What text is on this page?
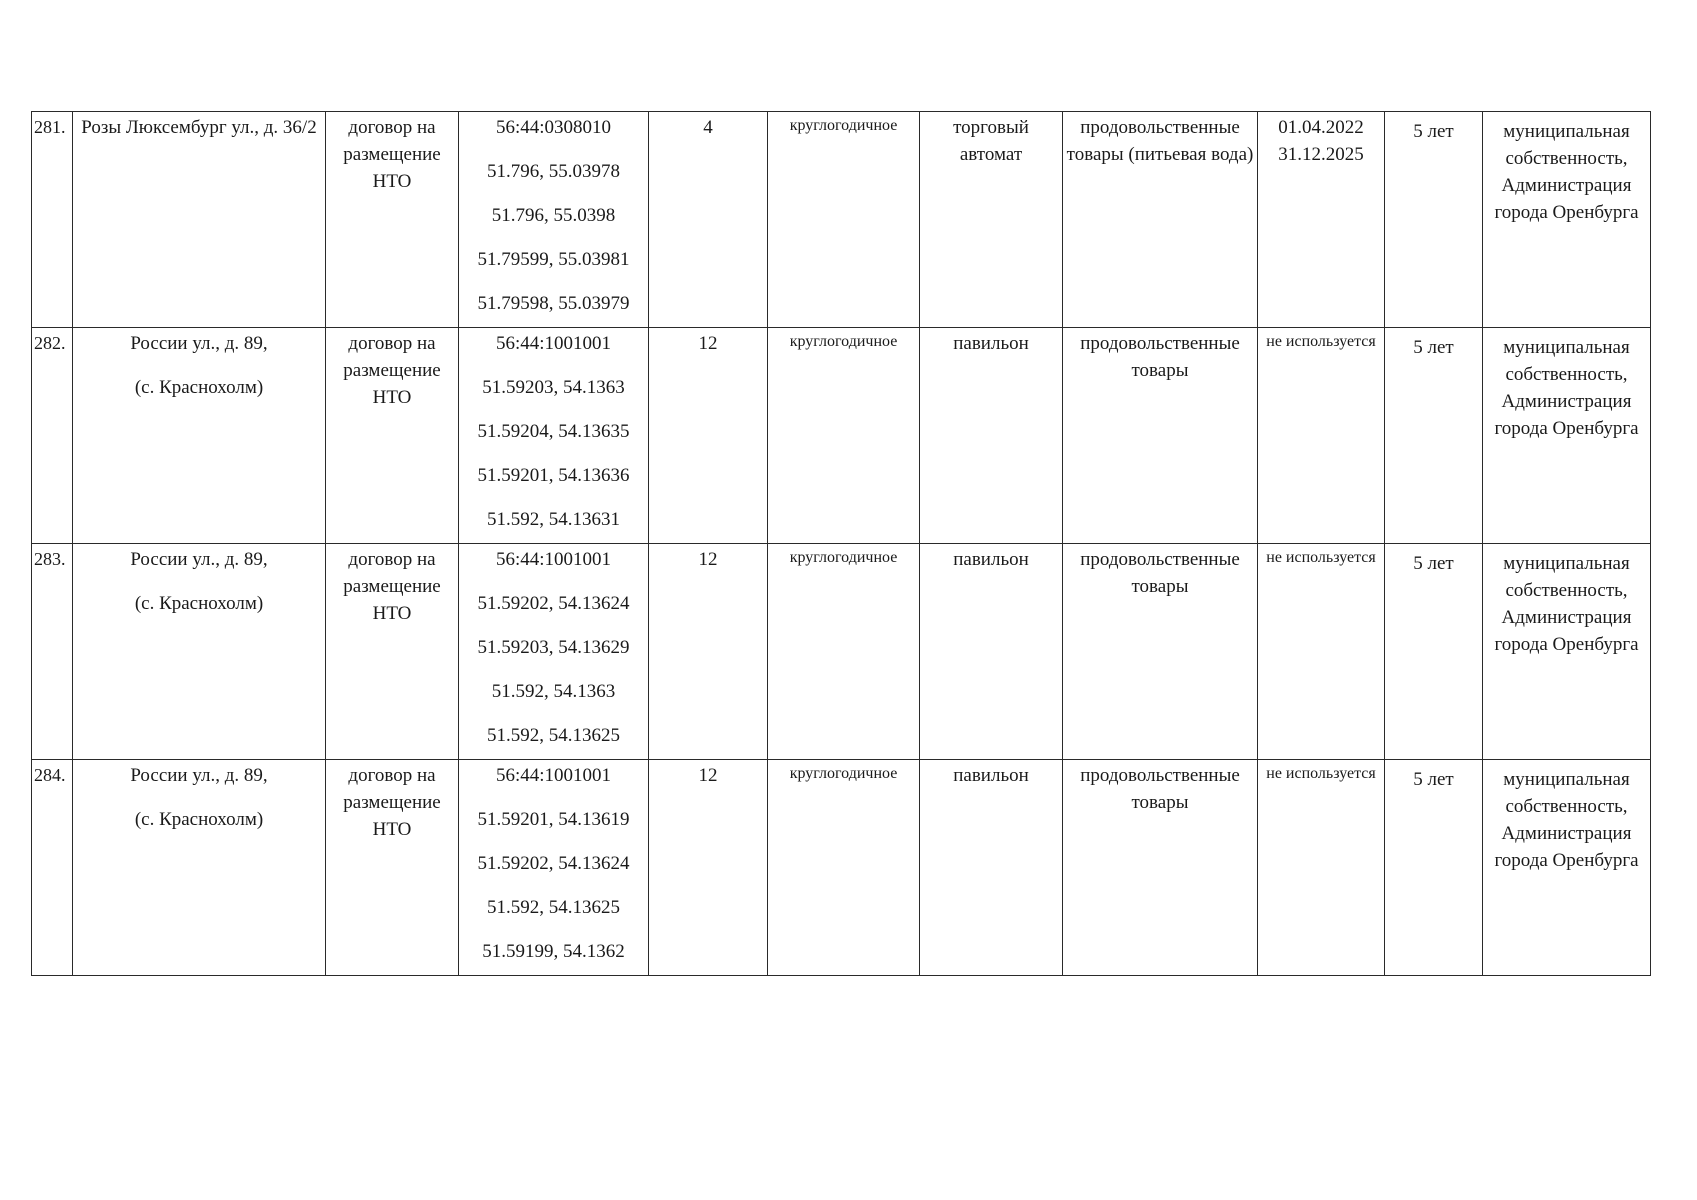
281.	Розы Люксембург ул., д. 36/2	договор на размещение НТО	56:44:0308010
51.796, 55.03978
51.796, 55.0398
51.79599, 55.03981
51.79598, 55.03979	4	круглогодичное	торговый автомат	продовольственные товары (питьевая вода)	01.04.2022
31.12.2025	5 лет	муниципальная собственность, Администрация города Оренбурга

282.	России ул., д. 89,
(с. Краснохолм)	договор на размещение НТО	56:44:1001001
51.59203, 54.1363
51.59204, 54.13635
51.59201, 54.13636
51.592, 54.13631	12	круглогодичное	павильон	продовольственные товары	не используется	5 лет	муниципальная собственность, Администрация города Оренбурга

283.	России ул., д. 89,
(с. Краснохолм)	договор на размещение НТО	56:44:1001001
51.59202, 54.13624
51.59203, 54.13629
51.592, 54.1363
51.592, 54.13625	12	круглогодичное	павильон	продовольственные товары	не используется	5 лет	муниципальная собственность, Администрация города Оренбурга

284.	России ул., д. 89,
(с. Краснохолм)	договор на размещение НТО	56:44:1001001
51.59201, 54.13619
51.59202, 54.13624
51.592, 54.13625
51.59199, 54.1362	12	круглогодичное	павильон	продовольственные товары	не используется	5 лет	муниципальная собственность, Администрация города Оренбурга
